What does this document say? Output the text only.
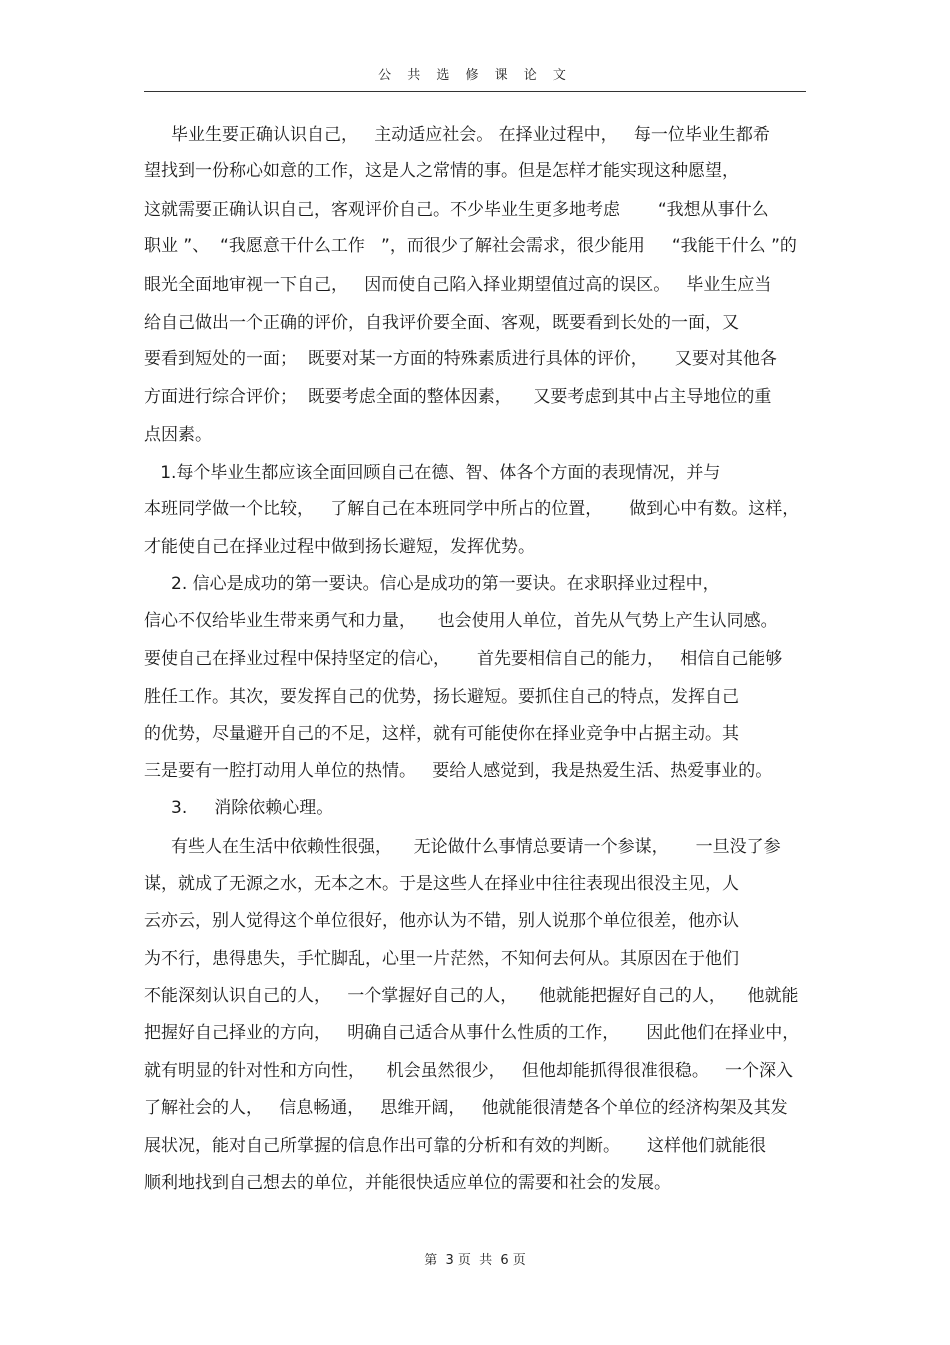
公 共 选 修 课 论 文
毕业生要正确认识自己，   主动适应社会。 在择业过程中，   每一位毕业生都希
望找到一份称心如意的工作，这是人之常情的事。但是怎样才能实现这种愿望，
这就需要正确认识自己，客观评价自己。不少毕业生更多地考虑       “我想从事什么
职业 ”、  “我愿意干什么工作   ”，而很少了解社会需求，很少能用     “我能干什么 ”的
眼光全面地审视一下自己，   因而使自己陷入择业期望值过高的误区。   毕业生应当
给自己做出一个正确的评价，自我评价要全面、客观，既要看到长处的一面，又
要看到短处的一面；  既要对某一方面的特殊素质进行具体的评价，     又要对其他各
方面进行综合评价；  既要考虑全面的整体因素，    又要考虑到其中占主导地位的重
点因素。
1.每个毕业生都应该全面回顾自己在德、智、体各个方面的表现情况，并与
本班同学做一个比较，   了解自己在本班同学中所占的位置，     做到心中有数。这样，
才能使自己在择业过程中做到扬长避短，发挥优势。
2. 信心是成功的第一要诀。信心是成功的第一要诀。在求职择业过程中，
信心不仅给毕业生带来勇气和力量，    也会使用人单位，首先从气势上产生认同感。
要使自己在择业过程中保持坚定的信心，     首先要相信自己的能力，   相信自己能够
胜任工作。其次，要发挥自己的优势，扬长避短。要抓住自己的特点，发挥自己
的优势，尽量避开自己的不足，这样，就有可能使你在择业竞争中占据主动。其
三是要有一腔打动用人单位的热情。   要给人感觉到，我是热爱生活、热爱事业的。
3.     消除依赖心理。
有些人在生活中依赖性很强，    无论做什么事情总要请一个参谋，     一旦没了参
谋，就成了无源之水，无本之木。于是这些人在择业中往往表现出很没主见，人
云亦云，别人觉得这个单位很好，他亦认为不错，别人说那个单位很差，他亦认
为不行，患得患失，手忙脚乱，心里一片茫然，不知何去何从。其原因在于他们
不能深刻认识自己的人，   一个掌握好自己的人，    他就能把握好自己的人，    他就能
把握好自己择业的方向，   明确自己适合从事什么性质的工作，     因此他们在择业中，
就有明显的针对性和方向性，    机会虽然很少，   但他却能抓得很准很稳。   一个深入
了解社会的人，   信息畅通，   思维开阔，   他就能很清楚各个单位的经济构架及其发
展状况，能对自己所掌握的信息作出可靠的分析和有效的判断。     这样他们就能很
顺利地找到自己想去的单位，并能很快适应单位的需要和社会的发展。
第  3 页  共  6 页
